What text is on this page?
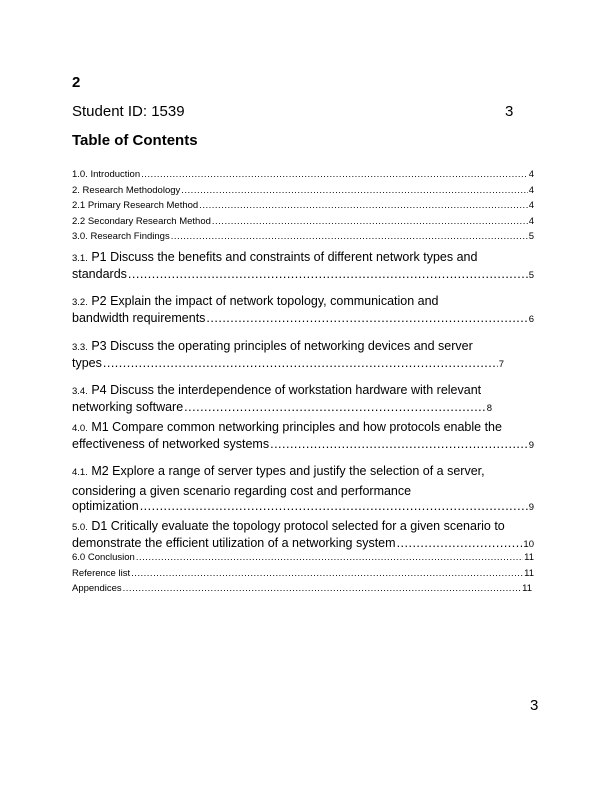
2
Student ID: 1539	3
Table of Contents
1.0. Introduction .....	4
2. Research Methodology .....	4
2.1 Primary Research Method .....	4
2.2 Secondary Research Method .....	4
3.0. Research Findings .....	5
3.1. P1 Discuss the benefits and constraints of different network types and
standards .....	5
3.2. P2 Explain the impact of network topology, communication and
bandwidth requirements .....	6
3.3. P3 Discuss the operating principles of networking devices and server
types .....	7
3.4. P4 Discuss the interdependence of workstation hardware with relevant
networking software .....	8
4.0. M1 Compare common networking principles and how protocols enable the
effectiveness of networked systems .....	9
4.1. M2 Explore a range of server types and justify the selection of a server,
considering a given scenario regarding cost and performance
optimization .....	9
5.0. D1 Critically evaluate the topology protocol selected for a given scenario to
demonstrate the efficient utilization of a networking system .....	10
6.0 Conclusion .....	11
Reference list .....	11
Appendices .....	11
3
